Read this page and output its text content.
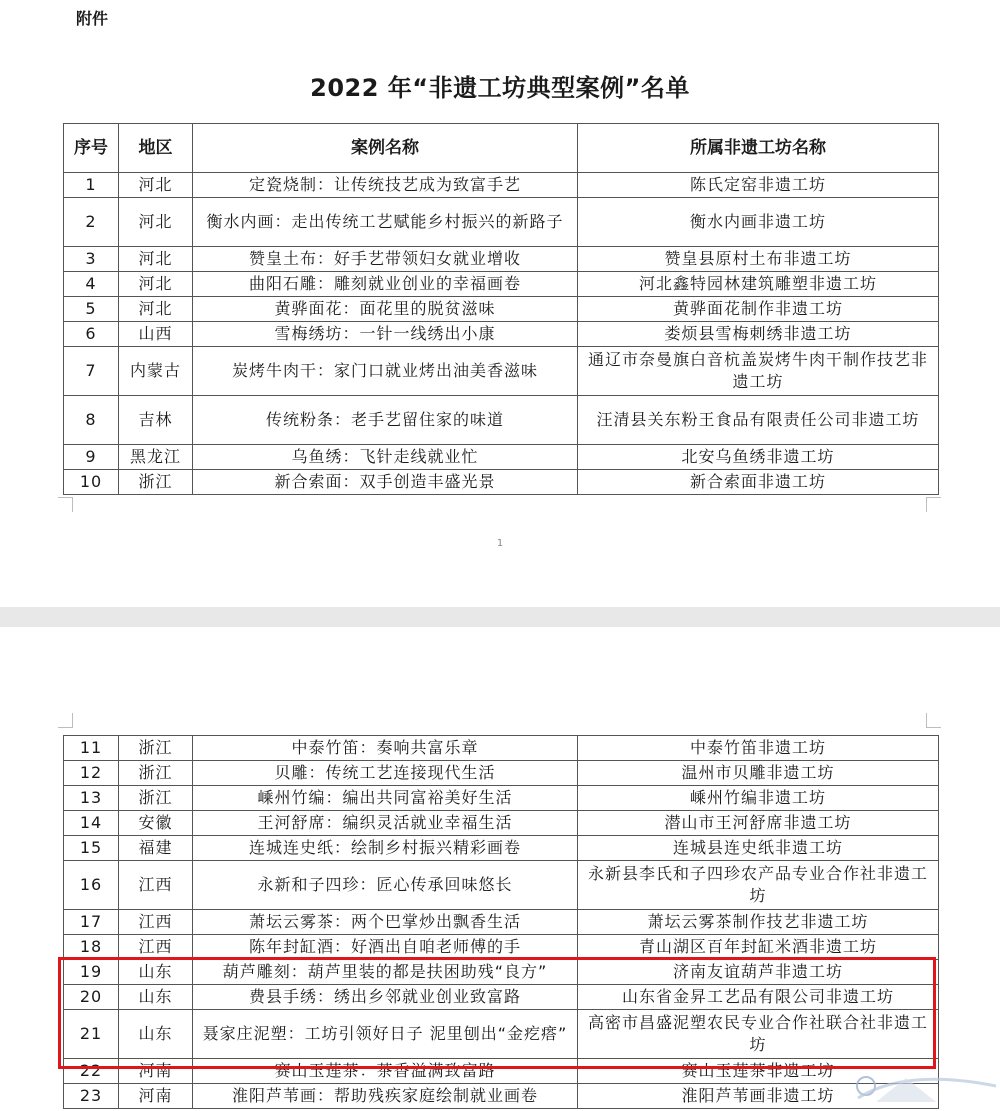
附件
2022 年“非遗工坊典型案例”名单
序号	地区	案例名称	所属非遗工坊名称
1	河北	定瓷烧制：让传统技艺成为致富手艺	陈氏定窑非遗工坊
2	河北	衡水内画：走出传统工艺赋能乡村振兴的新路子	衡水内画非遗工坊
3	河北	赞皇土布：好手艺带领妇女就业增收	赞皇县原村土布非遗工坊
4	河北	曲阳石雕：雕刻就业创业的幸福画卷	河北鑫特园林建筑雕塑非遗工坊
5	河北	黄骅面花：面花里的脱贫滋味	黄骅面花制作非遗工坊
6	山西	雪梅绣坊：一针一线绣出小康	娄烦县雪梅刺绣非遗工坊
7	内蒙古	炭烤牛肉干：家门口就业烤出油美香滋味	通辽市奈曼旗白音杭盖炭烤牛肉干制作技艺非遗工坊
8	吉林	传统粉条：老手艺留住家的味道	汪清县关东粉王食品有限责任公司非遗工坊
9	黑龙江	乌鱼绣：飞针走线就业忙	北安乌鱼绣非遗工坊
10	浙江	新合索面：双手创造丰盛光景	新合索面非遗工坊
1
11	浙江	中泰竹笛：奏响共富乐章	中泰竹笛非遗工坊
12	浙江	贝雕：传统工艺连接现代生活	温州市贝雕非遗工坊
13	浙江	嵊州竹编：编出共同富裕美好生活	嵊州竹编非遗工坊
14	安徽	王河舒席：编织灵活就业幸福生活	潜山市王河舒席非遗工坊
15	福建	连城连史纸：绘制乡村振兴精彩画卷	连城县连史纸非遗工坊
16	江西	永新和子四珍：匠心传承回味悠长	永新县李氏和子四珍农产品专业合作社非遗工坊
17	江西	萧坛云雾茶：两个巴掌炒出飘香生活	萧坛云雾茶制作技艺非遗工坊
18	江西	陈年封缸酒：好酒出自咱老师傅的手	青山湖区百年封缸米酒非遗工坊
19	山东	葫芦雕刻：葫芦里装的都是扶困助残“良方”	济南友谊葫芦非遗工坊
20	山东	费县手绣：绣出乡邻就业创业致富路	山东省金昇工艺品有限公司非遗工坊
21	山东	聂家庄泥塑：工坊引领好日子 泥里刨出“金疙瘩”	高密市昌盛泥塑农民专业合作社联合社非遗工坊
22	河南	赛山玉莲茶：茶香溢满致富路	赛山玉莲茶非遗工坊
23	河南	淮阳芦苇画：帮助残疾家庭绘制就业画卷	淮阳芦苇画非遗工坊
